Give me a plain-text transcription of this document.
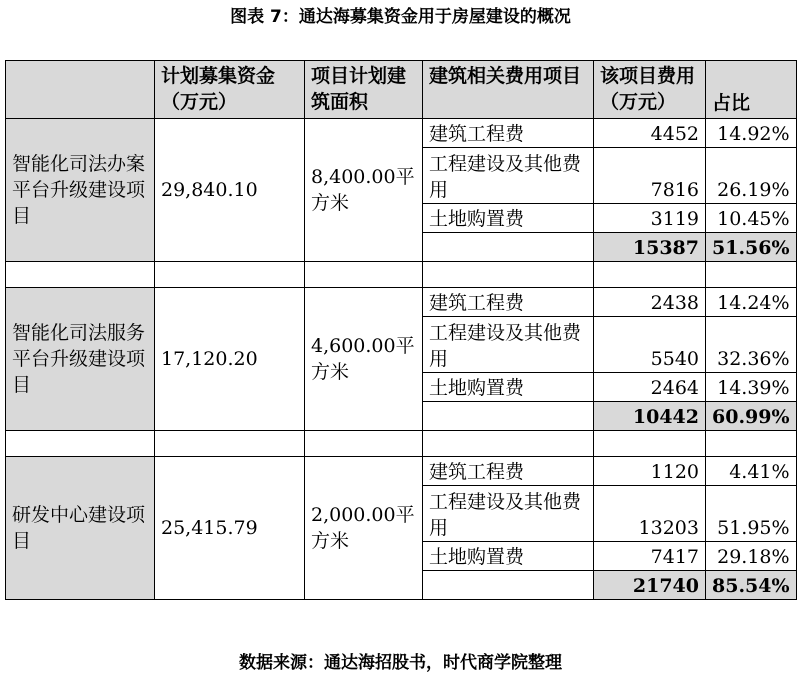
图表 7：通达海募集资金用于房屋建设的概况
	计划募集资金（万元）	项目计划建筑面积	建筑相关费用项目	该项目费用（万元）	占比
智能化司法办案平台升级建设项目	29,840.10	8,400.00平方米	建筑工程费	4452	14.92%
			工程建设及其他费用	7816	26.19%
			土地购置费	3119	10.45%
				15387	51.56%

智能化司法服务平台升级建设项目	17,120.20	4,600.00平方米	建筑工程费	2438	14.24%
			工程建设及其他费用	5540	32.36%
			土地购置费	2464	14.39%
				10442	60.99%

研发中心建设项目	25,415.79	2,000.00平方米	建筑工程费	1120	4.41%
			工程建设及其他费用	13203	51.95%
			土地购置费	7417	29.18%
				21740	85.54%
数据来源：通达海招股书，时代商学院整理
